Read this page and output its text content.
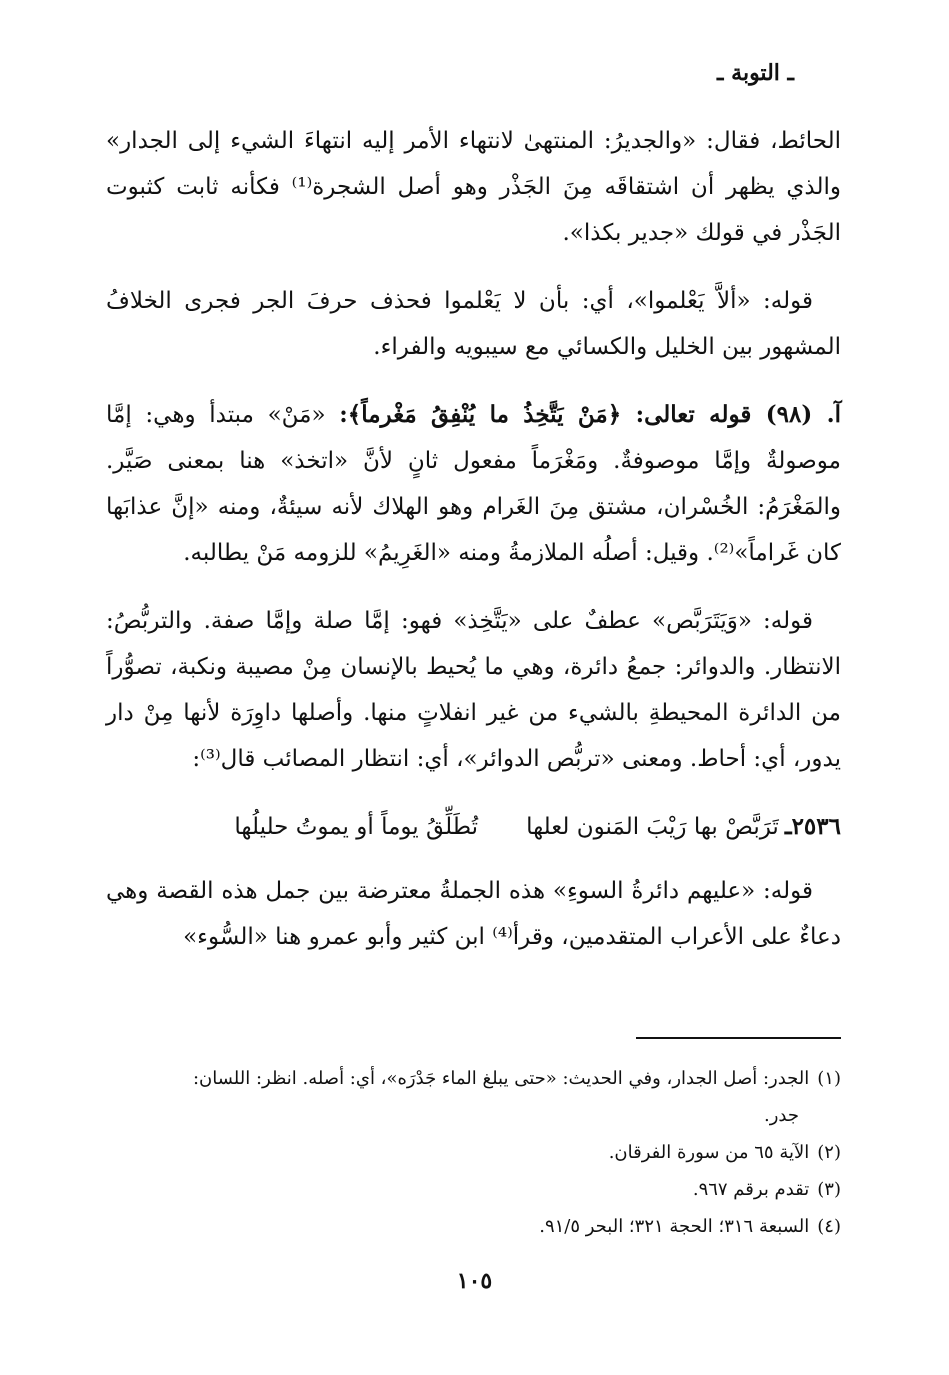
ـ التوبة ـ

الحائط، فقال: «والجديرُ: المنتهىٰ لانتهاء الأمر إليه انتهاءَ الشيء إلى الجدار» والذي يظهر أن اشتقاقَه مِنَ الجَذْر وهو أصل الشجرة⁽¹⁾ فكأنه ثابت كثبوت الجَذْر في قولك «جدير بكذا».

قوله: «ألاَّ يَعْلموا»، أي: بأن لا يَعْلموا فحذف حرفَ الجر فجرى الخلافُ المشهور بين الخليل والكسائي مع سيبويه والفراء.

آ. (٩٨) قوله تعالى: ﴿مَنْ يَتَّخِذُ ما يُنْفِقُ مَغْرماً﴾: «مَنْ» مبتدأ وهي: إمَّا موصولةٌ وإمَّا موصوفةٌ. ومَغْرَماً مفعول ثانٍ لأنَّ «اتخذ» هنا بمعنى صَيَّر. والمَغْرَمُ: الخُسْران، مشتق مِنَ الغَرام وهو الهلاك لأنه سيئةٌ، ومنه «إنَّ عذابَها كان غَراماً»⁽²⁾. وقيل: أصلُه الملازمةُ ومنه «الغَرِيمُ» للزومه مَنْ يطالبه.

قوله: «وَيَتَرَبَّص» عطفٌ على «يَتَّخِذ» فهو: إمَّا صلة وإمَّا صفة. والتربُّصُ: الانتظار. والدوائر: جمعُ دائرة، وهي ما يُحيط بالإنسان مِنْ مصيبة ونكبة، تصوُّراً من الدائرة المحيطةِ بالشيء من غير انفلاتٍ منها. وأصلها داوِرَة لأنها مِنْ دار يدور، أي: أحاط. ومعنى «تربُّص الدوائر»، أي: انتظار المصائب قال⁽³⁾:

٢٥٣٦ـ
تَرَبَّصْ بها رَيْبَ المَنون لعلها
تُطَلِّقُ يوماً أو يموتُ حليلُها

قوله: «عليهم دائرةُ السوءِ» هذه الجملةُ معترضة بين جمل هذه القصة وهي دعاءٌ على الأعراب المتقدمين، وقرأ⁽⁴⁾ ابن كثير وأبو عمرو هنا «السُّوء»

(١)الجدر: أصل الجدار، وفي الحديث: «حتى يبلغ الماء جَدْرَه»، أي: أصله. انظر: اللسان:

جدر.

(٢)الآية ٦٥ من سورة الفرقان.

(٣)تقدم برقم ٩٦٧.

(٤)السبعة ٣١٦؛ الحجة ٣٢١؛ البحر ٩١/٥.

١٠٥
